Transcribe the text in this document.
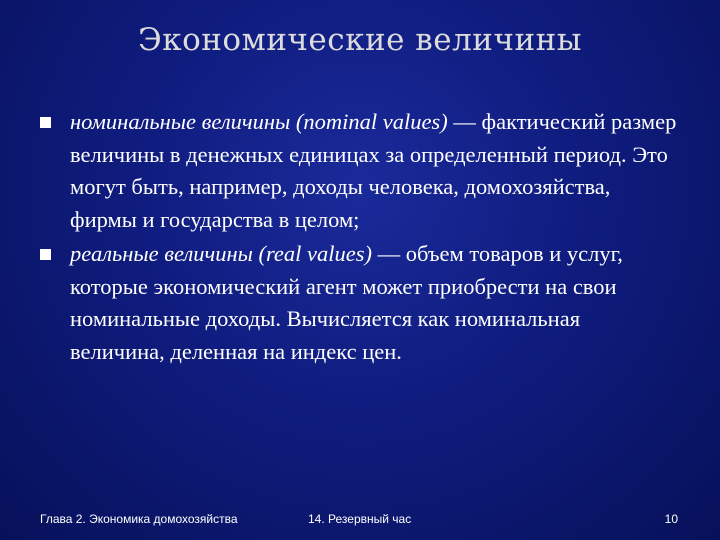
Экономические величины
номинальные величины (nominal values) — фактический размер величины в денежных единицах за определенный период. Это могут быть, например, доходы человека, домохозяйства, фирмы и государства в целом;
реальные величины (real values) — объем товаров и услуг, которые экономический агент может приобрести на свои номинальные доходы. Вычисляется как номинальная величина, деленная на индекс цен.
Глава 2. Экономика домохозяйства	14. Резервный час	10
